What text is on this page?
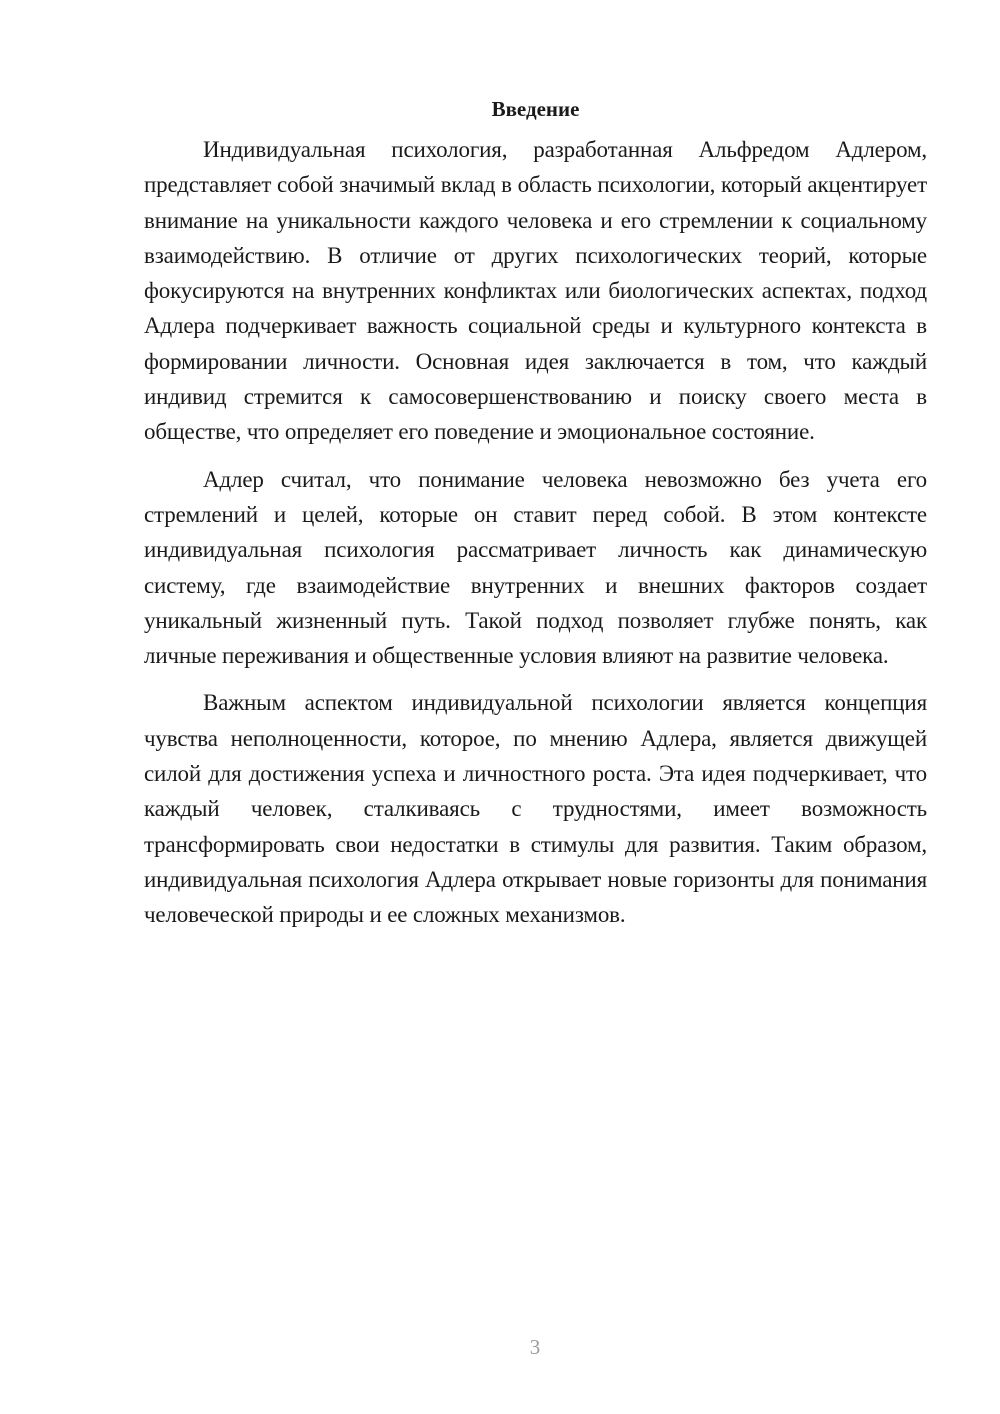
Введение

Индивидуальная психология, разработанная Альфредом Адлером, представляет собой значимый вклад в область психологии, который акцентирует внимание на уникальности каждого человека и его стремлении к социальному взаимодействию. В отличие от других психологических теорий, которые фокусируются на внутренних конфликтах или биологических аспектах, подход Адлера подчеркивает важность социальной среды и культурного контекста в формировании личности. Основная идея заключается в том, что каждый индивид стремится к самосовершенствованию и поиску своего места в обществе, что определяет его поведение и эмоциональное состояние.

Адлер считал, что понимание человека невозможно без учета его стремлений и целей, которые он ставит перед собой. В этом контексте индивидуальная психология рассматривает личность как динамическую систему, где взаимодействие внутренних и внешних факторов создает уникальный жизненный путь. Такой подход позволяет глубже понять, как личные переживания и общественные условия влияют на развитие человека.

Важным аспектом индивидуальной психологии является концепция чувства неполноценности, которое, по мнению Адлера, является движущей силой для достижения успеха и личностного роста. Эта идея подчеркивает, что каждый человек, сталкиваясь с трудностями, имеет возможность трансформировать свои недостатки в стимулы для развития. Таким образом, индивидуальная психология Адлера открывает новые горизонты для понимания человеческой природы и ее сложных механизмов.

3
